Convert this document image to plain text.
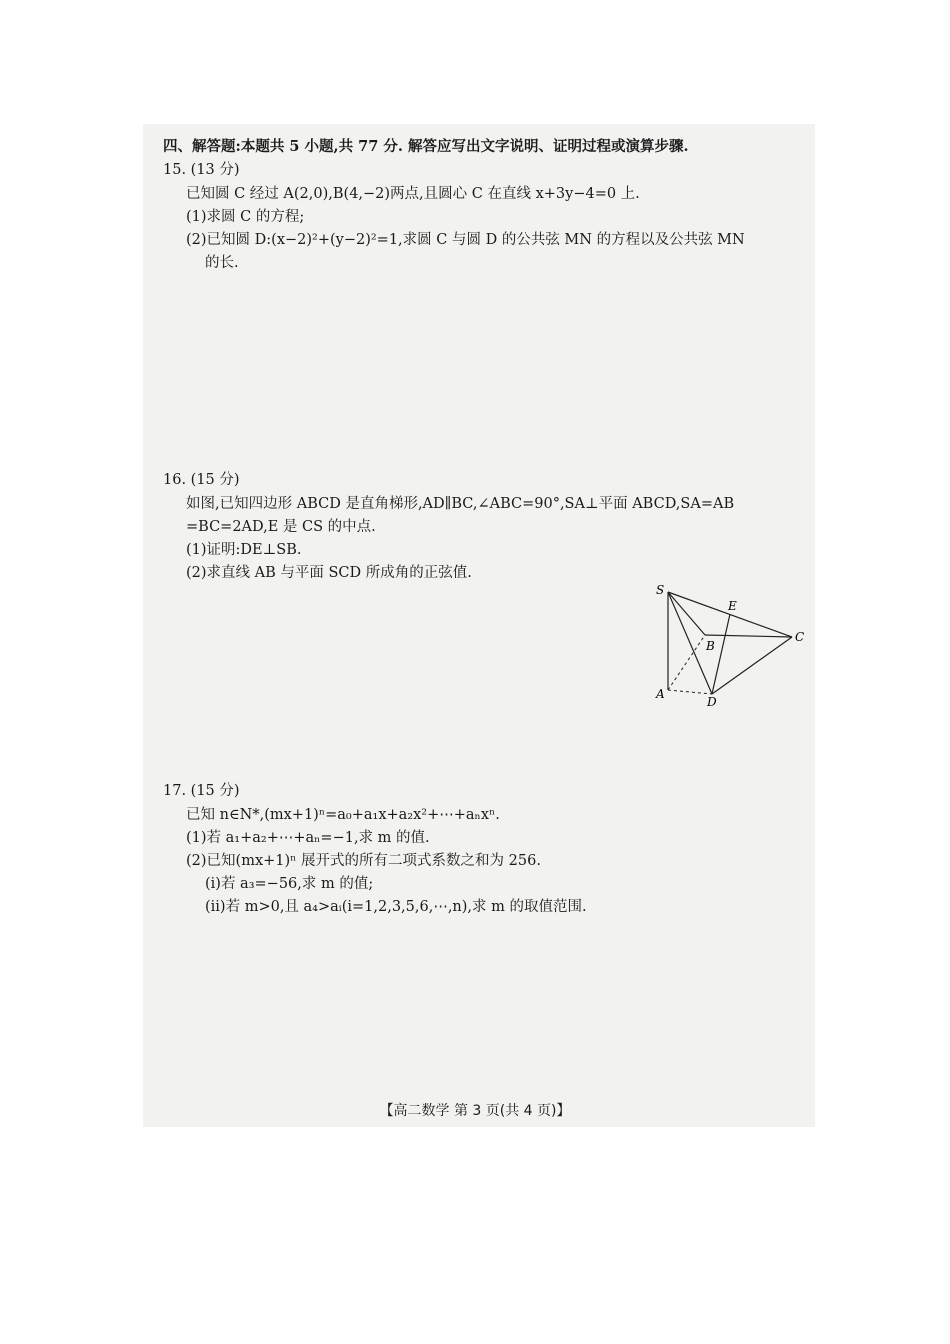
四、解答题:本题共 5 小题,共 77 分. 解答应写出文字说明、证明过程或演算步骤.
15. (13 分)
已知圆 C 经过 A(2,0),B(4,−2)两点,且圆心 C 在直线 x+3y−4=0 上.
(1)求圆 C 的方程;
(2)已知圆 D:(x−2)²+(y−2)²=1,求圆 C 与圆 D 的公共弦 MN 的方程以及公共弦 MN
的长.
16. (15 分)
如图,已知四边形 ABCD 是直角梯形,AD∥BC,∠ABC=90°,SA⊥平面 ABCD,SA=AB
=BC=2AD,E 是 CS 的中点.
(1)证明:DE⊥SB.
(2)求直线 AB 与平面 SCD 所成角的正弦值.
S
E
B
C
A
D
17. (15 分)
已知 n∈N*,(mx+1)ⁿ=a₀+a₁x+a₂x²+⋯+aₙxⁿ.
(1)若 a₁+a₂+⋯+aₙ=−1,求 m 的值.
(2)已知(mx+1)ⁿ 展开式的所有二项式系数之和为 256.
(ⅰ)若 a₃=−56,求 m 的值;
(ⅱ)若 m>0,且 a₄>aᵢ(i=1,2,3,5,6,⋯,n),求 m 的取值范围.
【高二数学 第 3 页(共 4 页)】
